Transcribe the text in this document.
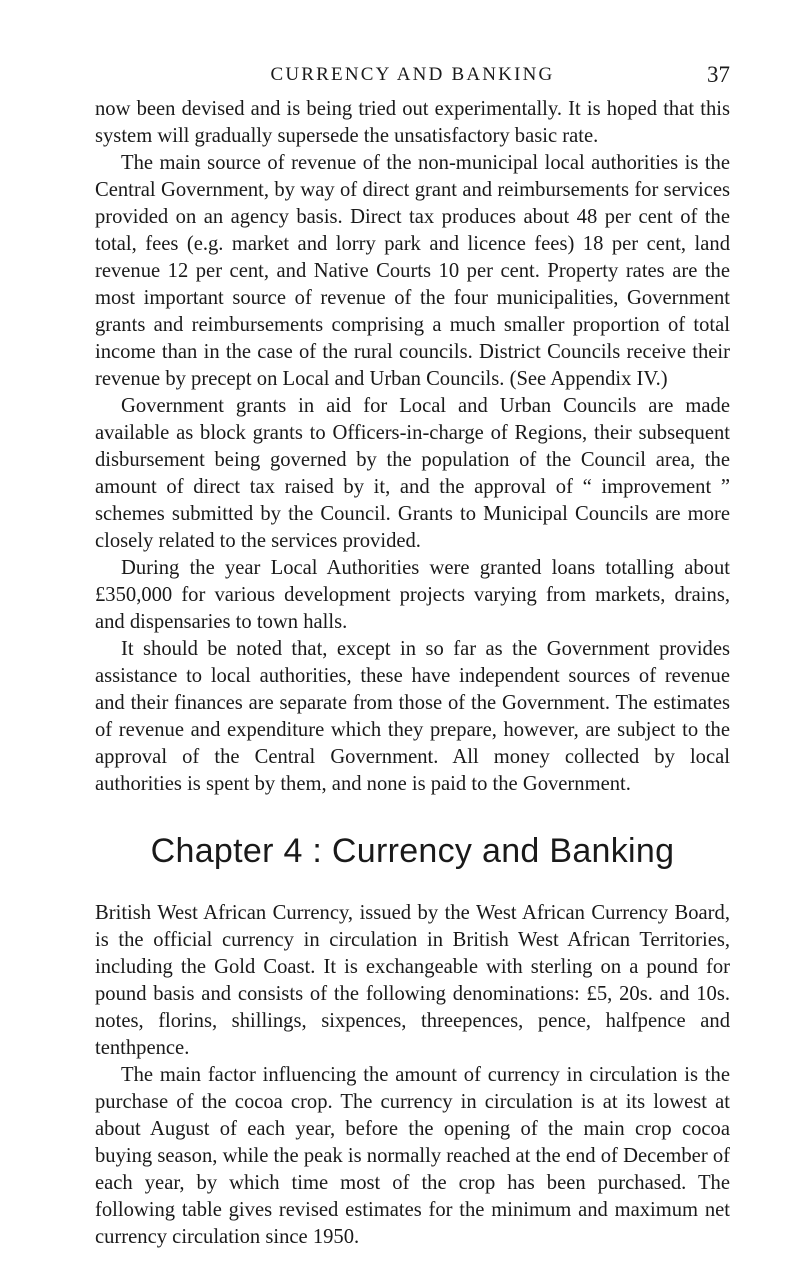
CURRENCY AND BANKING	37

now been devised and is being tried out experimentally. It is hoped that this system will gradually supersede the unsatisfactory basic rate.

The main source of revenue of the non-municipal local authorities is the Central Government, by way of direct grant and reimbursements for services provided on an agency basis. Direct tax produces about 48 per cent of the total, fees (e.g. market and lorry park and licence fees) 18 per cent, land revenue 12 per cent, and Native Courts 10 per cent. Property rates are the most important source of revenue of the four municipalities, Government grants and reimbursements comprising a much smaller proportion of total income than in the case of the rural councils. District Councils receive their revenue by precept on Local and Urban Councils. (See Appendix IV.)

Government grants in aid for Local and Urban Councils are made available as block grants to Officers-in-charge of Regions, their subsequent disbursement being governed by the population of the Council area, the amount of direct tax raised by it, and the approval of “ improvement ” schemes submitted by the Council. Grants to Municipal Councils are more closely related to the services provided.

During the year Local Authorities were granted loans totalling about £350,000 for various development projects varying from markets, drains, and dispensaries to town halls.

It should be noted that, except in so far as the Government provides assistance to local authorities, these have independent sources of revenue and their finances are separate from those of the Government. The estimates of revenue and expenditure which they prepare, however, are subject to the approval of the Central Government. All money collected by local authorities is spent by them, and none is paid to the Government.

Chapter 4 : Currency and Banking

British West African Currency, issued by the West African Currency Board, is the official currency in circulation in British West African Territories, including the Gold Coast. It is exchangeable with sterling on a pound for pound basis and consists of the following denominations: £5, 20s. and 10s. notes, florins, shillings, sixpences, threepences, pence, halfpence and tenthpence.

The main factor influencing the amount of currency in circulation is the purchase of the cocoa crop. The currency in circulation is at its lowest at about August of each year, before the opening of the main crop cocoa buying season, while the peak is normally reached at the end of December of each year, by which time most of the crop has been purchased. The following table gives revised estimates for the minimum and maximum net currency circulation since 1950.
